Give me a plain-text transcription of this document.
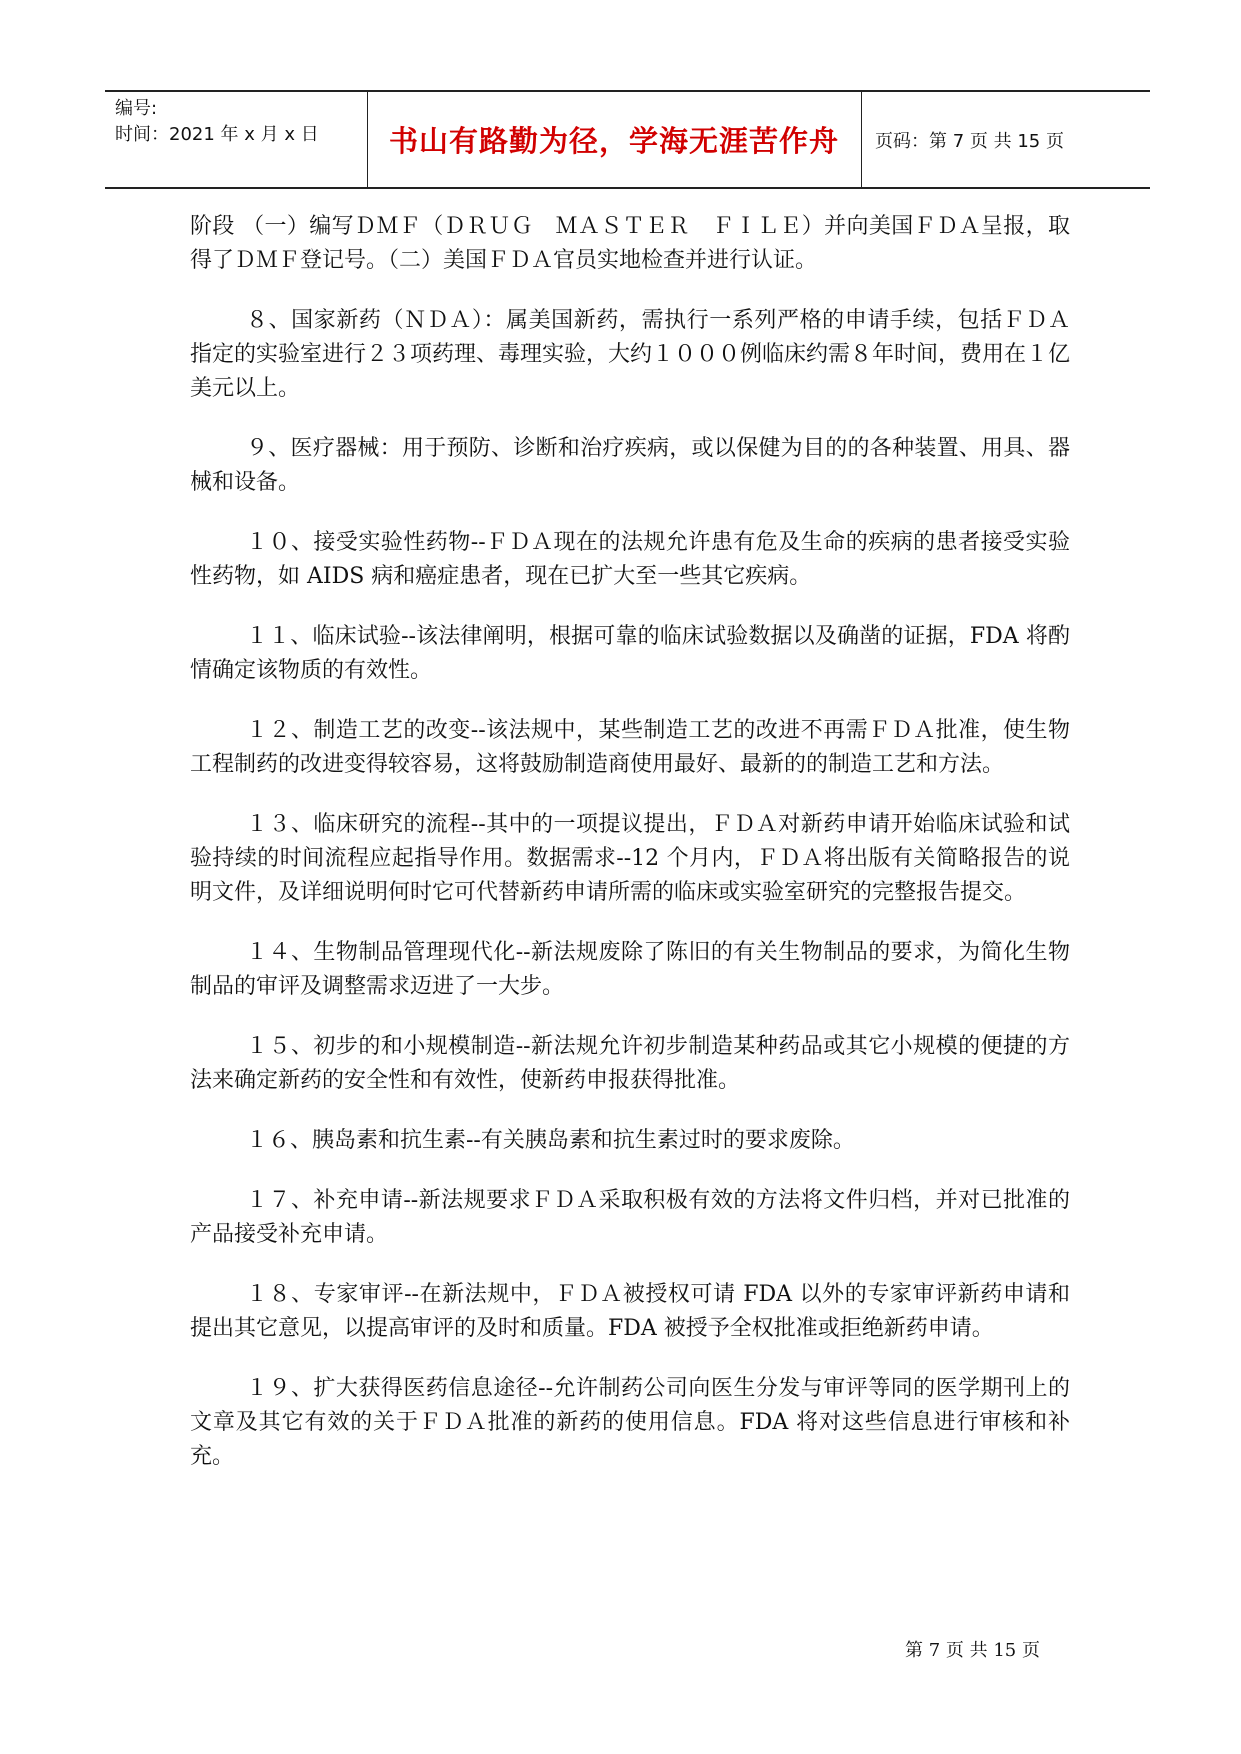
编号:
时间：2021 年 x 月 x 日	书山有路勤为径，学海无涯苦作舟	页码：第 7 页 共 15 页

阶段 （一）编写ＤＭＦ（ＤＲＵＧ　ＭＡＳＴＥＲ　ＦＩＬＥ）并向美国ＦＤＡ呈报，取得了ＤＭＦ登记号。（二）美国ＦＤＡ官员实地检查并进行认证。

８、国家新药（ＮＤＡ）：属美国新药，需执行一系列严格的申请手续，包括ＦＤＡ指定的实验室进行２３项药理、毒理实验，大约１０００例临床约需８年时间，费用在１亿美元以上。

９、医疗器械：用于预防、诊断和治疗疾病，或以保健为目的的各种装置、用具、器械和设备。

１０、接受实验性药物--ＦＤＡ现在的法规允许患有危及生命的疾病的患者接受实验性药物，如 AIDS 病和癌症患者，现在已扩大至一些其它疾病。

１１、临床试验--该法律阐明，根据可靠的临床试验数据以及确凿的证据，FDA 将酌情确定该物质的有效性。

１２、制造工艺的改变--该法规中，某些制造工艺的改进不再需ＦＤＡ批准，使生物工程制药的改进变得较容易，这将鼓励制造商使用最好、最新的的制造工艺和方法。

１３、临床研究的流程--其中的一项提议提出，ＦＤＡ对新药申请开始临床试验和试验持续的时间流程应起指导作用。数据需求--12 个月内，ＦＤＡ将出版有关简略报告的说明文件，及详细说明何时它可代替新药申请所需的临床或实验室研究的完整报告提交。

１４、生物制品管理现代化--新法规废除了陈旧的有关生物制品的要求，为简化生物制品的审评及调整需求迈进了一大步。

１５、初步的和小规模制造--新法规允许初步制造某种药品或其它小规模的便捷的方法来确定新药的安全性和有效性，使新药申报获得批准。

１６、胰岛素和抗生素--有关胰岛素和抗生素过时的要求废除。

１７、补充申请--新法规要求ＦＤＡ采取积极有效的方法将文件归档，并对已批准的产品接受补充申请。

１８、专家审评--在新法规中，ＦＤＡ被授权可请 FDA 以外的专家审评新药申请和提出其它意见，以提高审评的及时和质量。FDA 被授予全权批准或拒绝新药申请。

１９、扩大获得医药信息途径--允许制药公司向医生分发与审评等同的医学期刊上的文章及其它有效的关于ＦＤＡ批准的新药的使用信息。FDA 将对这些信息进行审核和补充。

第 7 页 共 15 页
